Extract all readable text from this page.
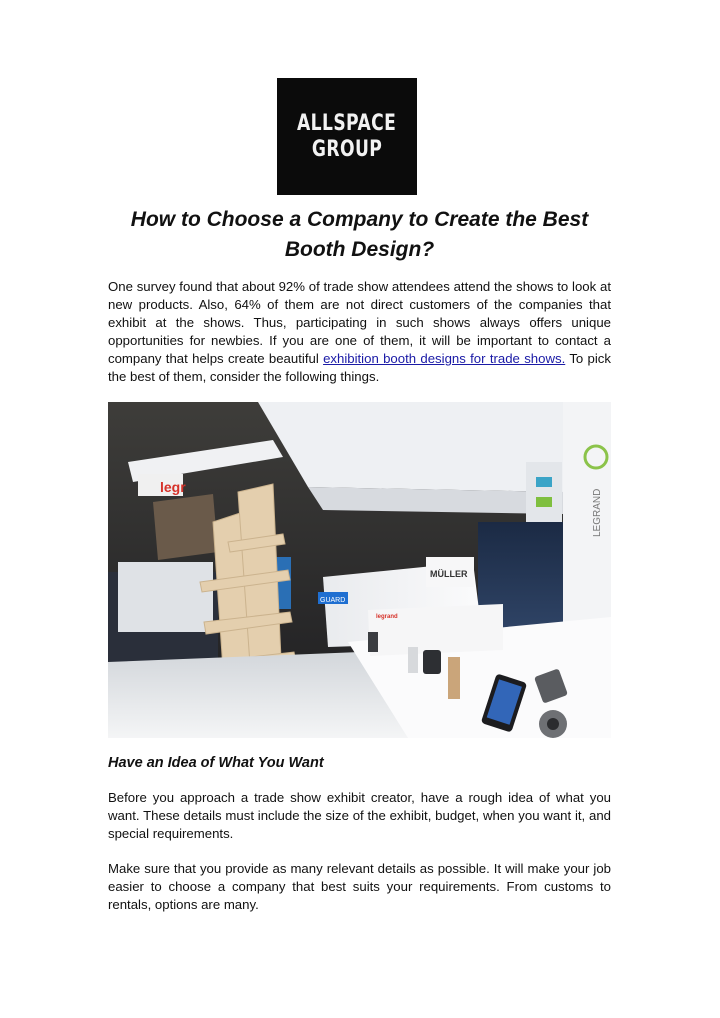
ALLSPACE
GROUP
How to Choose a Company to Create the Best Booth Design?

One survey found that about 92% of trade show attendees attend the shows to look at new products. Also, 64% of them are not direct customers of the companies that exhibit at the shows. Thus, participating in such shows always offers unique opportunities for newbies. If you are one of them, it will be important to contact a company that helps create beautiful exhibition booth designs for trade shows. To pick the best of them, consider the following things.

LEGRAND
MÜLLER
legr
GUARD
legrand
Have an Idea of What You Want

Before you approach a trade show exhibit creator, have a rough idea of what you want. These details must include the size of the exhibit, budget, when you want it, and special requirements.

Make sure that you provide as many relevant details as possible. It will make your job easier to choose a company that best suits your requirements. From customs to rentals, options are many.
